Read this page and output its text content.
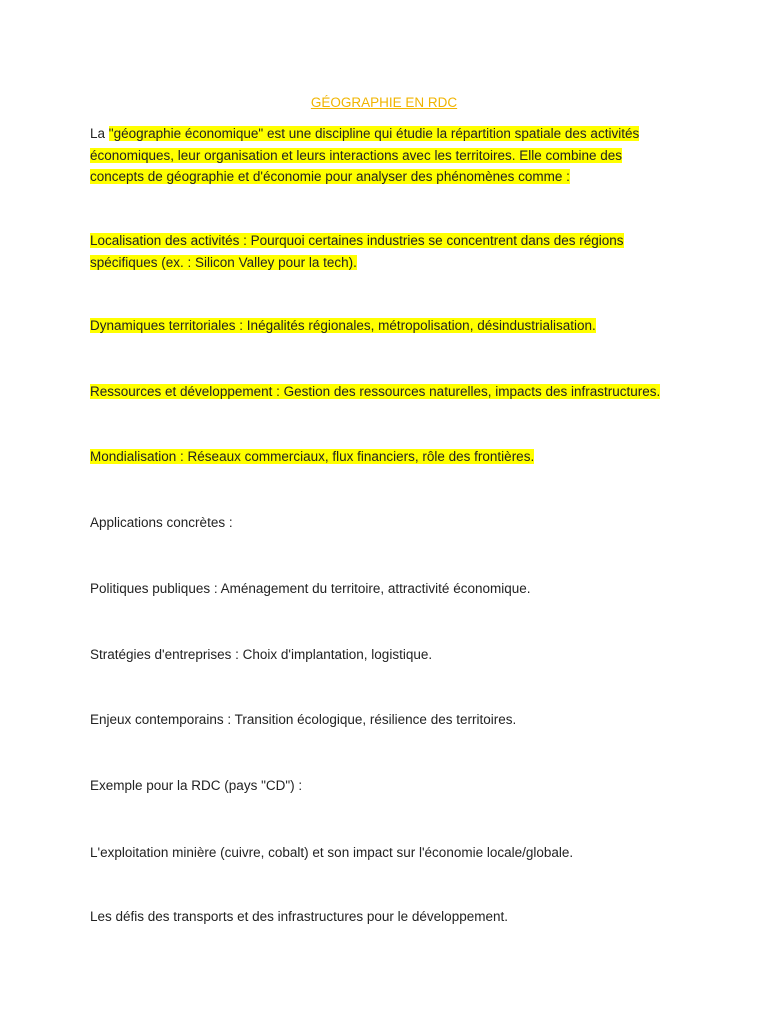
GÉOGRAPHIE EN RDC

La "géographie économique" est une discipline qui étudie la répartition spatiale des activités
économiques, leur organisation et leurs interactions avec les territoires. Elle combine des
concepts de géographie et d'économie pour analyser des phénomènes comme :

Localisation des activités : Pourquoi certaines industries se concentrent dans des régions
spécifiques (ex. : Silicon Valley pour la tech).

Dynamiques territoriales : Inégalités régionales, métropolisation, désindustrialisation.

Ressources et développement : Gestion des ressources naturelles, impacts des infrastructures.

Mondialisation : Réseaux commerciaux, flux financiers, rôle des frontières.

Applications concrètes :

Politiques publiques : Aménagement du territoire, attractivité économique.

Stratégies d'entreprises : Choix d'implantation, logistique.

Enjeux contemporains : Transition écologique, résilience des territoires.

Exemple pour la RDC (pays "CD") :

L'exploitation minière (cuivre, cobalt) et son impact sur l'économie locale/globale.

Les défis des transports et des infrastructures pour le développement.
